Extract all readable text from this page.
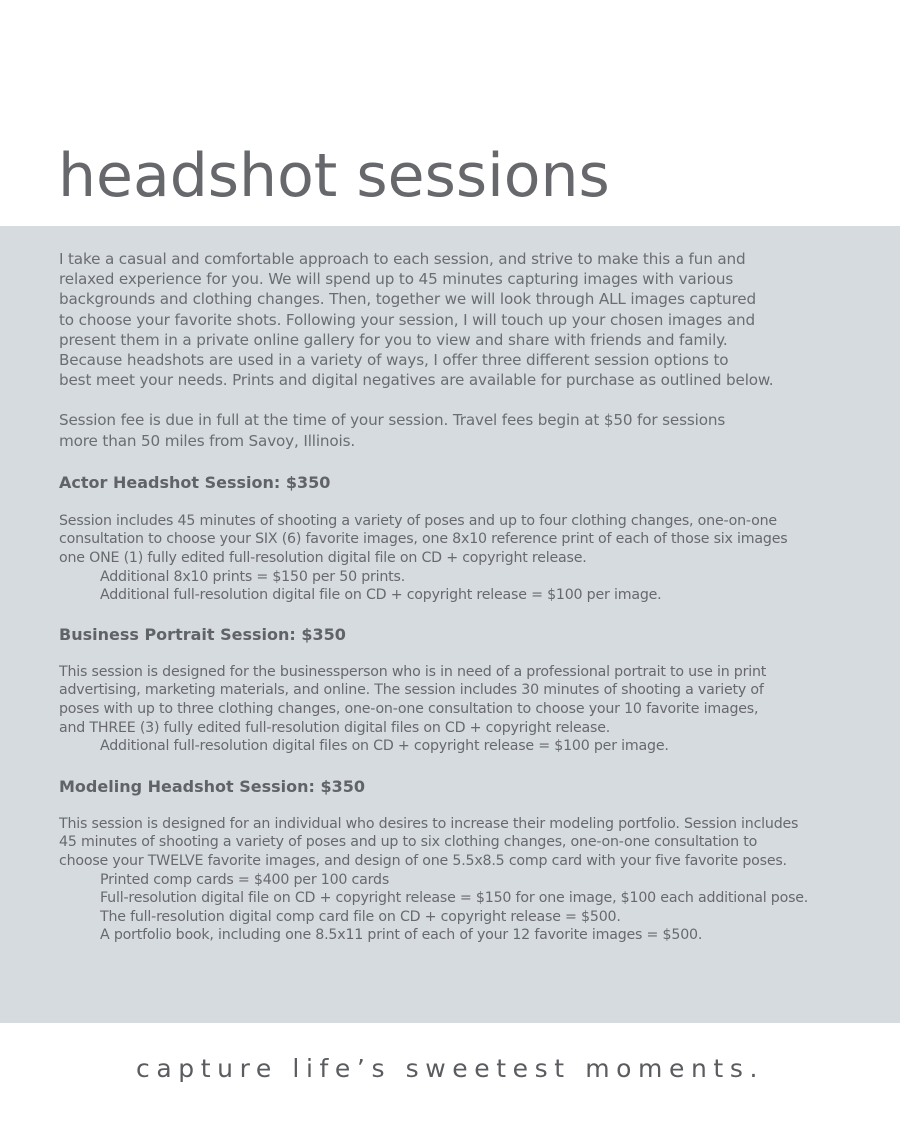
headshot sessions

I take a casual and comfortable approach to each session, and strive to make this a fun and
relaxed experience for you. We will spend up to 45 minutes capturing images with various
backgrounds and clothing changes. Then, together we will look through ALL images captured
to choose your favorite shots. Following your session, I will touch up your chosen images and
present them in a private online gallery for you to view and share with friends and family.
Because headshots are used in a variety of ways, I offer three different session options to
best meet your needs. Prints and digital negatives are available for purchase as outlined below.

Session fee is due in full at the time of your session. Travel fees begin at $50 for sessions
more than 50 miles from Savoy, Illinois.

Actor Headshot Session: $350

Session includes 45 minutes of shooting a variety of poses and up to four clothing changes, one-on-one
consultation to choose your SIX (6) favorite images, one 8x10 reference print of each of those six images
one ONE (1) fully edited full-resolution digital file on CD + copyright release.
Additional 8x10 prints = $150 per 50 prints.
Additional full-resolution digital file on CD + copyright release = $100 per image.

Business Portrait Session: $350

This session is designed for the businessperson who is in need of a professional portrait to use in print
advertising, marketing materials, and online. The session includes 30 minutes of shooting a variety of
poses with up to three clothing changes, one-on-one consultation to choose your 10 favorite images,
and THREE (3) fully edited full-resolution digital files on CD + copyright release.
Additional full-resolution digital files on CD + copyright release = $100 per image.

Modeling Headshot Session: $350

This session is designed for an individual who desires to increase their modeling portfolio. Session includes
45 minutes of shooting a variety of poses and up to six clothing changes, one-on-one consultation to
choose your TWELVE favorite images, and design of one 5.5x8.5 comp card with your five favorite poses.
Printed comp cards = $400 per 100 cards
Full-resolution digital file on CD + copyright release = $150 for one image, $100 each additional pose.
The full-resolution digital comp card file on CD + copyright release = $500.
A portfolio book, including one 8.5x11 print of each of your 12 favorite images = $500.

capture life’s sweetest moments.
